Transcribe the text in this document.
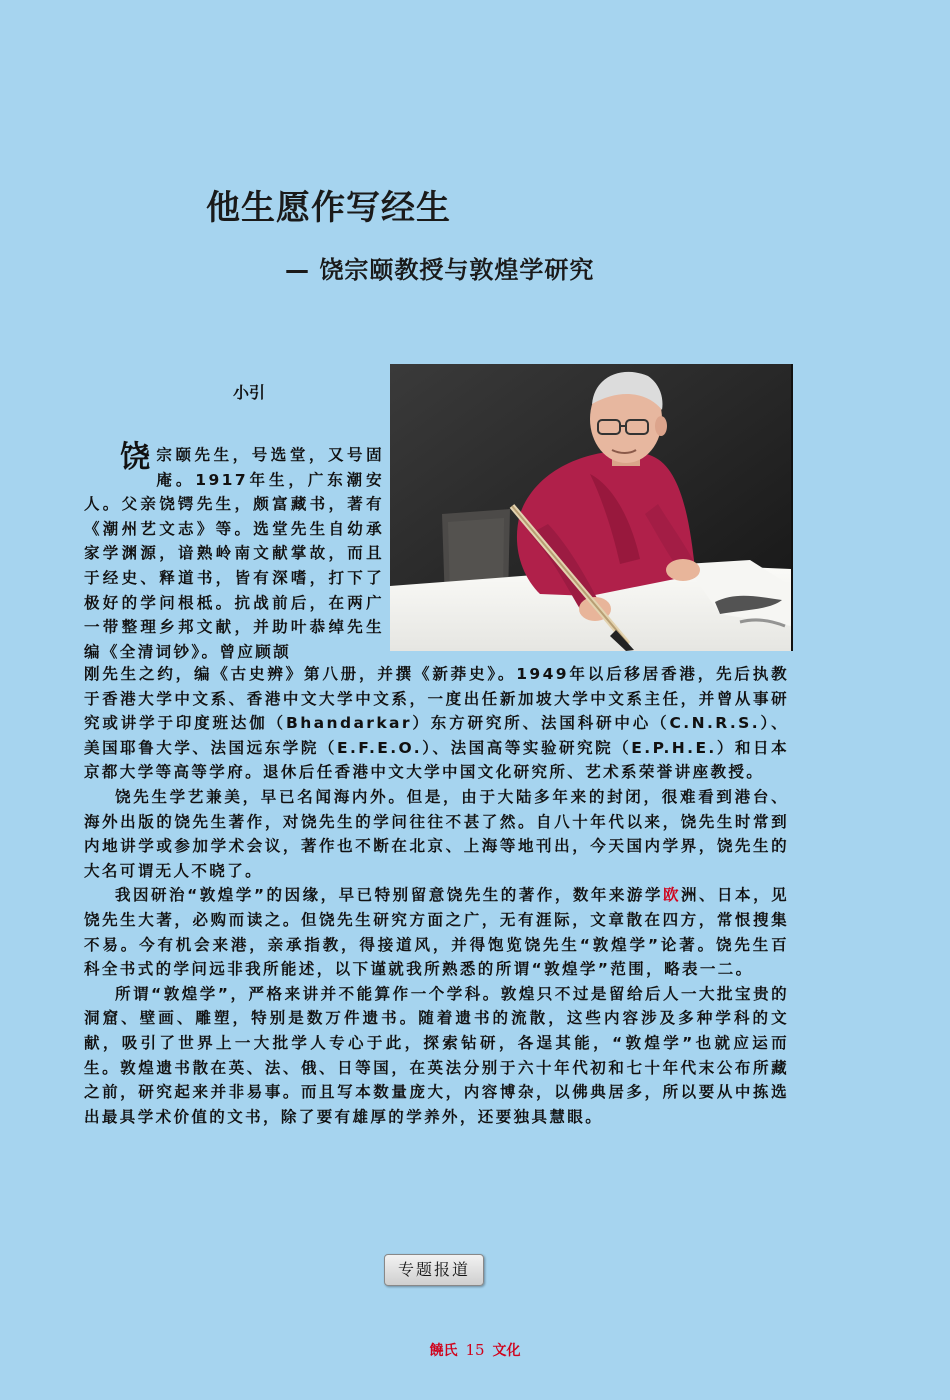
他生愿作写经生
— 饶宗颐教授与敦煌学研究
小引
饶宗颐先生，号选堂，又号固庵。1917年生，广东潮安人。父亲饶锷先生，颇富藏书，著有《潮州艺文志》等。选堂先生自幼承家学渊源，谙熟岭南文献掌故，而且于经史、释道书，皆有深嗜，打下了极好的学问根柢。抗战前后，在两广一带整理乡邦文献，并助叶恭绰先生编《全清词钞》。曾应顾颉

刚先生之约，编《古史辨》第八册，并撰《新莽史》。1949年以后移居香港，先后执教于香港大学中文系、香港中文大学中文系，一度出任新加坡大学中文系主任，并曾从事研究或讲学于印度班达伽（Bhandarkar）东方研究所、法国科研中心（C.N.R.S.）、美国耶鲁大学、法国远东学院（E.F.E.O.）、法国高等实验研究院（E.P.H.E.）和日本京都大学等高等学府。退休后任香港中文大学中国文化研究所、艺术系荣誉讲座教授。

饶先生学艺兼美，早已名闻海内外。但是，由于大陆多年来的封闭，很难看到港台、海外出版的饶先生著作，对饶先生的学问往往不甚了然。自八十年代以来，饶先生时常到内地讲学或参加学术会议，著作也不断在北京、上海等地刊出，今天国内学界，饶先生的大名可谓无人不晓了。

我因研治“敦煌学”的因缘，早已特别留意饶先生的著作，数年来游学欧洲、日本，见饶先生大著，必购而读之。但饶先生研究方面之广，无有涯际，文章散在四方，常恨搜集不易。今有机会来港，亲承指教，得接道风，并得饱览饶先生“敦煌学”论著。饶先生百科全书式的学问远非我所能述，以下谨就我所熟悉的所谓“敦煌学”范围，略表一二。

所谓“敦煌学”，严格来讲并不能算作一个学科。敦煌只不过是留给后人一大批宝贵的洞窟、壁画、雕塑，特别是数万件遗书。随着遗书的流散，这些内容涉及多种学科的文献，吸引了世界上一大批学人专心于此，探索钻研，各逞其能，“敦煌学”也就应运而生。敦煌遗书散在英、法、俄、日等国，在英法分别于六十年代初和七十年代末公布所藏之前，研究起来并非易事。而且写本数量庞大，内容博杂，以佛典居多，所以要从中拣选出最具学术价值的文书，除了要有雄厚的学养外，还要独具慧眼。

专题报道
饒氏 15 文化
